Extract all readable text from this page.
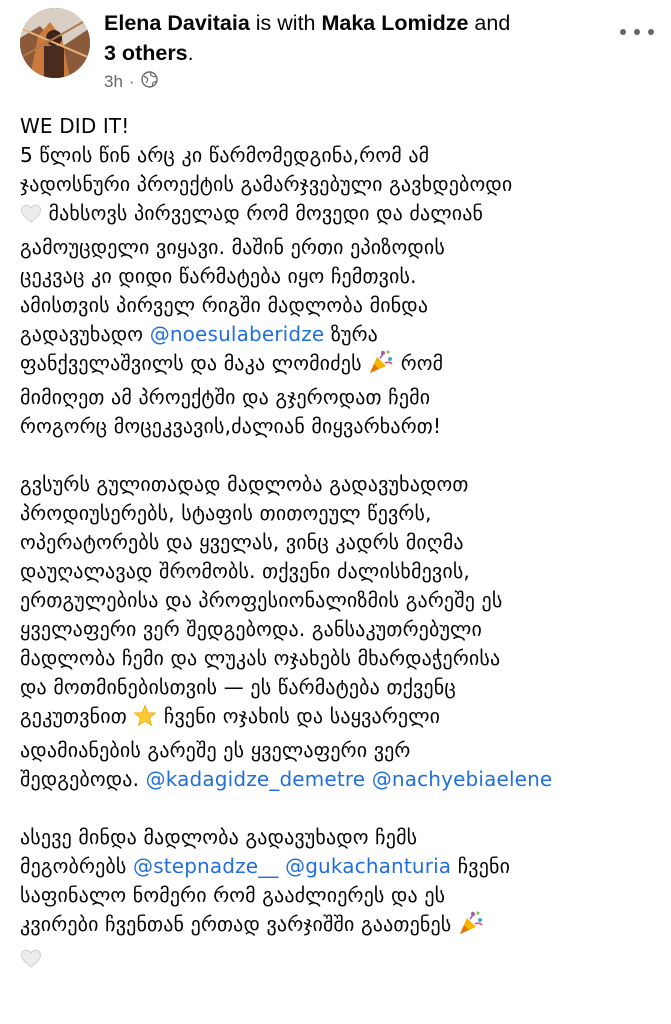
Elena Davitaia is with Maka Lomidze and
3 others.
3h ·

WE DID IT!
5 წლის წინ არც კი წარმომედგინა,რომ ამ
ჯადოსნური პროექტის გამარჯვებული გავხდებოდი
მახსოვს პირველად რომ მოვედი და ძალიან
გამოუცდელი ვიყავი. მაშინ ერთი ეპიზოდის
ცეკვაც კი დიდი წარმატება იყო ჩემთვის.
ამისთვის პირველ რიგში მადლობა მინდა
გადავუხადო @noesulaberidze ზურა
ფანქველაშვილს და მაკა ლომიძეს  რომ
მიმიღეთ ამ პროექტში და გჯეროდათ ჩემი
როგორც მოცეკვავის,ძალიან მიყვარხართ!

გვსურს გულითადად მადლობა გადავუხადოთ
პროდიუსერებს, სტაფის თითოეულ წევრს,
ოპერატორებს და ყველას, ვინც კადრს მიღმა
დაუღალავად შრომობს. თქვენი ძალისხმევის,
ერთგულებისა და პროფესიონალიზმის გარეშე ეს
ყველაფერი ვერ შედგებოდა. განსაკუთრებული
მადლობა ჩემი და ლუკას ოჯახებს მხარდაჭერისა
და მოთმინებისთვის — ეს წარმატება თქვენც
გეკუთვნით  ჩვენი ოჯახის და საყვარელი
ადამიანების გარეშე ეს ყველაფერი ვერ
შედგებოდა. @kadagidze_demetre @nachyebiaelene

ასევე მინდა მადლობა გადავუხადო ჩემს
მეგობრებს @stepnadze__ @gukachanturia ჩვენი
საფინალო ნომერი რომ გააძლიერეს და ეს
კვირები ჩვენთან ერთად ვარჯიშში გაათენეს
